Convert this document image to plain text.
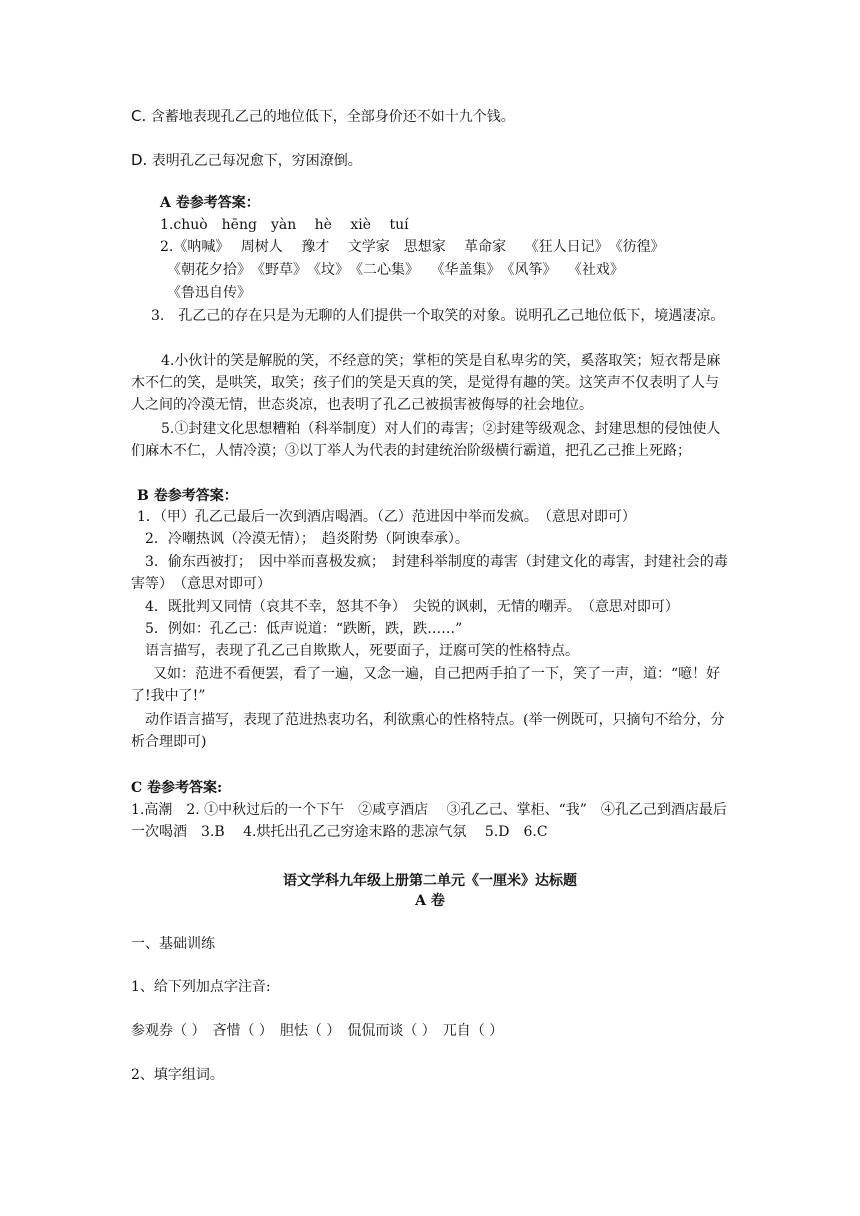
C. 含蓄地表现孔乙己的地位低下，全部身价还不如十九个钱。
D. 表明孔乙己每况愈下，穷困潦倒。
A 卷参考答案：
1.chuò　hēng　yàn　 hè　 xiè　 tuí
2.《呐喊》　 周树人　 豫才　 文学家　思想家　 革命家　 《狂人日记》　《彷徨》
《朝花夕拾》　《野草》　《坟》　《二心集》　 《华盖集》　《风筝》　 《社戏》
《鲁迅自传》
3.　孔乙己的存在只是为无聊的人们提供一个取笑的对象。说明孔乙己地位低下，境遇凄凉。
4.小伙计的笑是解脱的笑，不经意的笑；掌柜的笑是自私卑劣的笑，奚落取笑；短衣帮是麻木不仁的笑，是哄笑，取笑；孩子们的笑是天真的笑，是觉得有趣的笑。这笑声不仅表明了人与人之间的冷漠无情，世态炎凉，也表明了孔乙己被损害被侮辱的社会地位。
5.①封建文化思想糟粕（科举制度）对人们的毒害；②封建等级观念、封建思想的侵蚀使人们麻木不仁，人情冷漠；③以丁举人为代表的封建统治阶级横行霸道，把孔乙己推上死路；
B 卷参考答案：
1．（甲）孔乙己最后一次到酒店喝酒。（乙）范进因中举而发疯。　（意思对即可）
2．冷嘲热讽（冷漠无情）；　趋炎附势（阿谀奉承）。
3．偷东西被打；　因中举而喜极发疯；　封建科举制度的毒害（封建文化的毒害，封建社会的毒害等）　（意思对即可）
4．既批判又同情（哀其不幸，怒其不争）　尖锐的讽刺，无情的嘲弄。　（意思对即可）
5．例如：孔乙己：低声说道：“跌断，跌，跌……”
语言描写，表现了孔乙己自欺欺人，死要面子，迂腐可笑的性格特点。
又如：范进不看便罢，看了一遍，又念一遍，自己把两手拍了一下，笑了一声，道：“噫！好了!我中了!”
动作语言描写，表现了范进热衷功名，利欲熏心的性格特点。(举一例既可，只摘句不给分，分析合理即可)
C 卷参考答案:
1.高潮　2. ①中秋过后的一个下午　②咸亨酒店　 ③孔乙己、掌柜、“我”　④孔乙己到酒店最后一次喝酒　3.B　 4.烘托出孔乙己穷途末路的悲凉气氛　 5.D　6.C
语文学科九年级上册第二单元《一厘米》达标题
A 卷
一、基础训练
1、给下列加点字注音:
参观券（ ）　吝惜（ ）　胆怯（ ）　侃侃而谈（ ）　兀自（ ）
2、填字组词。
